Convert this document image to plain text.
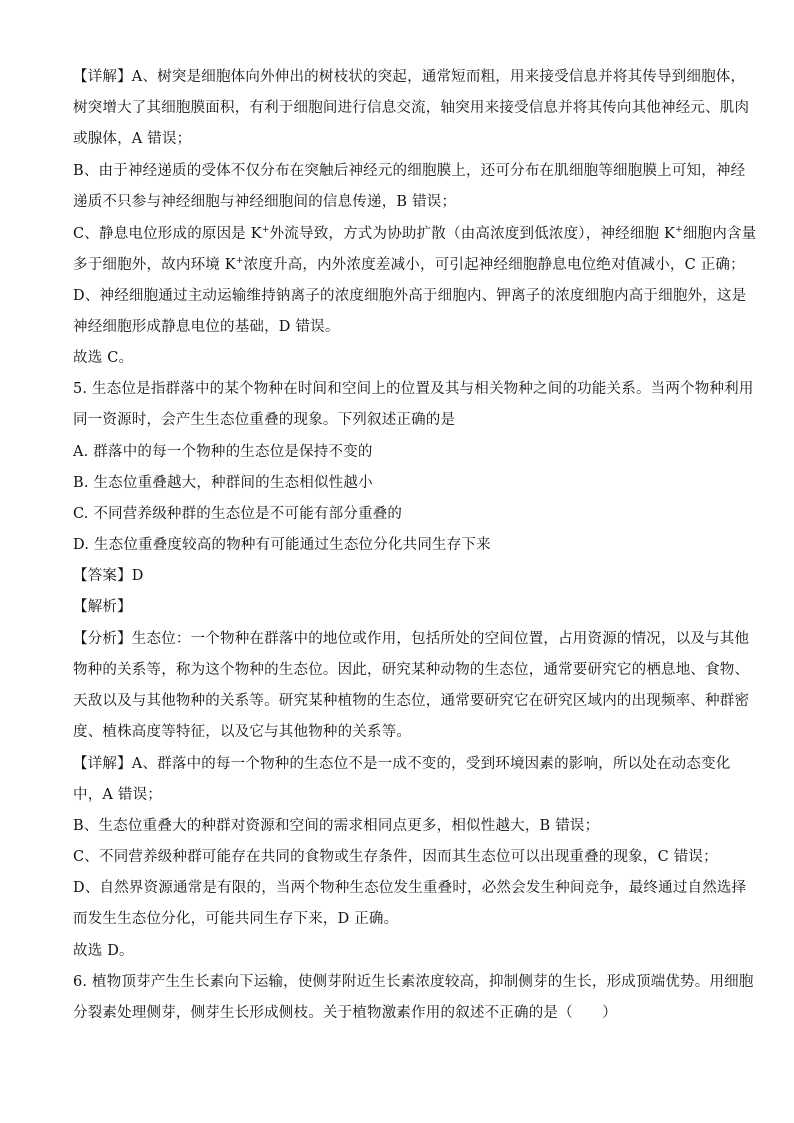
【详解】A、树突是细胞体向外伸出的树枝状的突起，通常短而粗，用来接受信息并将其传导到细胞体，
树突增大了其细胞膜面积，有利于细胞间进行信息交流，轴突用来接受信息并将其传向其他神经元、肌肉
或腺体，A 错误；
B、由于神经递质的受体不仅分布在突触后神经元的细胞膜上，还可分布在肌细胞等细胞膜上可知，神经
递质不只参与神经细胞与神经细胞间的信息传递，B 错误；
C、静息电位形成的原因是 K+外流导致，方式为协助扩散（由高浓度到低浓度），神经细胞 K+细胞内含量
多于细胞外，故内环境 K+浓度升高，内外浓度差减小，可引起神经细胞静息电位绝对值减小，C 正确；
D、神经细胞通过主动运输维持钠离子的浓度细胞外高于细胞内、钾离子的浓度细胞内高于细胞外，这是
神经细胞形成静息电位的基础，D 错误。
故选 C。
5. 生态位是指群落中的某个物种在时间和空间上的位置及其与相关物种之间的功能关系。当两个物种利用
同一资源时，会产生生态位重叠的现象。下列叙述正确的是
A. 群落中的每一个物种的生态位是保持不变的
B. 生态位重叠越大，种群间的生态相似性越小
C. 不同营养级种群的生态位是不可能有部分重叠的
D. 生态位重叠度较高的物种有可能通过生态位分化共同生存下来
【答案】D
【解析】
【分析】生态位：一个物种在群落中的地位或作用，包括所处的空间位置，占用资源的情况，以及与其他
物种的关系等，称为这个物种的生态位。因此，研究某种动物的生态位，通常要研究它的栖息地、食物、
天敌以及与其他物种的关系等。研究某种植物的生态位，通常要研究它在研究区域内的出现频率、种群密
度、植株高度等特征，以及它与其他物种的关系等。
【详解】A、群落中的每一个物种的生态位不是一成不变的，受到环境因素的影响，所以处在动态变化
中，A 错误；
B、生态位重叠大的种群对资源和空间的需求相同点更多，相似性越大，B 错误；
C、不同营养级种群可能存在共同的食物或生存条件，因而其生态位可以出现重叠的现象，C 错误；
D、自然界资源通常是有限的，当两个物种生态位发生重叠时，必然会发生种间竞争，最终通过自然选择
而发生生态位分化，可能共同生存下来，D 正确。
故选 D。
6. 植物顶芽产生生长素向下运输，使侧芽附近生长素浓度较高，抑制侧芽的生长，形成顶端优势。用细胞
分裂素处理侧芽，侧芽生长形成侧枝。关于植物激素作用的叙述不正确的是（　　）
